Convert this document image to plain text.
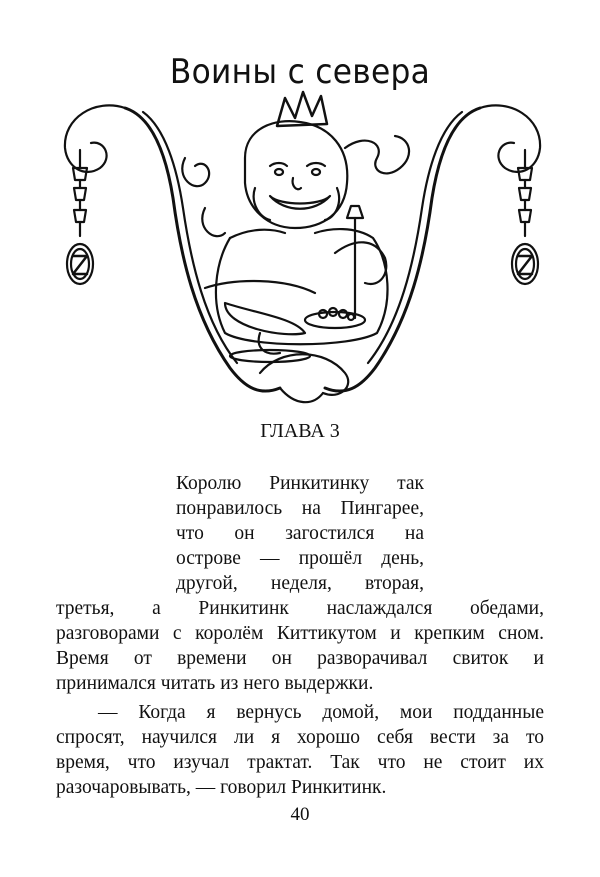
Воины с севера
ГЛАВА 3
Королю Ринкитинку так
понравилось на Пингарее,
что он загостился на
острове — прошёл день,
другой, неделя, вторая,
третья, а Ринкитинк наслаждался обедами,
разговорами с королём Киттикутом и крепким сном.
Время от времени он разворачивал свиток и
принимался читать из него выдержки.
— Когда я вернусь домой, мои подданные
спросят, научился ли я хорошо себя вести за то
время, что изучал трактат. Так что не стоит их
разочаровывать, — говорил Ринкитинк.
40
